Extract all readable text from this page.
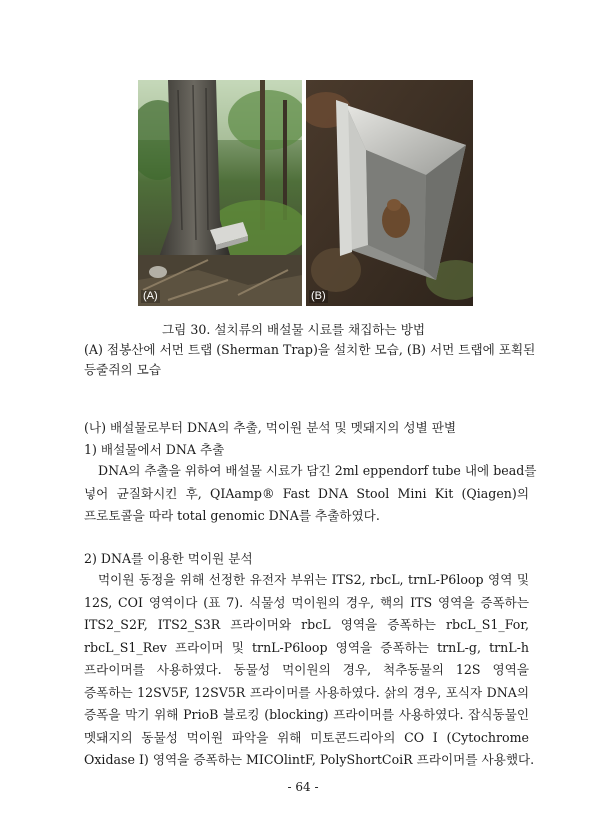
(A)	(B)
그림 30. 설치류의 배설물 시료를 채집하는 방법
(A) 점봉산에 서먼 트랩 (Sherman Trap)을 설치한 모습, (B) 서먼 트랩에 포획된
등줄쥐의 모습
(나) 배설물로부터 DNA의 추출, 먹이원 분석 및 멧돼지의 성별 판별
1) 배설물에서 DNA 추출
DNA의 추출을 위하여 배설물 시료가 담긴 2ml eppendorf tube 내에 bead를
넣어 균질화시킨 후, QIAamp® Fast DNA Stool Mini Kit (Qiagen)의
프로토콜을 따라 total genomic DNA를 추출하였다.
2) DNA를 이용한 먹이원 분석
먹이원 동정을 위해 선정한 유전자 부위는 ITS2, rbcL, trnL-P6loop 영역 및
12S, COI 영역이다 (표 7). 식물성 먹이원의 경우, 핵의 ITS 영역을 증폭하는
ITS2_S2F, ITS2_S3R 프라이머와 rbcL 영역을 증폭하는 rbcL_S1_For,
rbcL_S1_Rev 프라이머 및 trnL-P6loop 영역을 증폭하는 trnL-g, trnL-h
프라이머를 사용하였다. 동물성 먹이원의 경우, 척추동물의 12S 영역을
증폭하는 12SV5F, 12SV5R 프라이머를 사용하였다. 삵의 경우, 포식자 DNA의
증폭을 막기 위해 PrioB 블로킹 (blocking) 프라이머를 사용하였다. 잡식동물인
멧돼지의 동물성 먹이원 파악을 위해 미토콘드리아의 CO I (Cytochrome
Oxidase I) 영역을 증폭하는 MICOlintF, PolyShortCoiR 프라이머를 사용했다.
- 64 -
